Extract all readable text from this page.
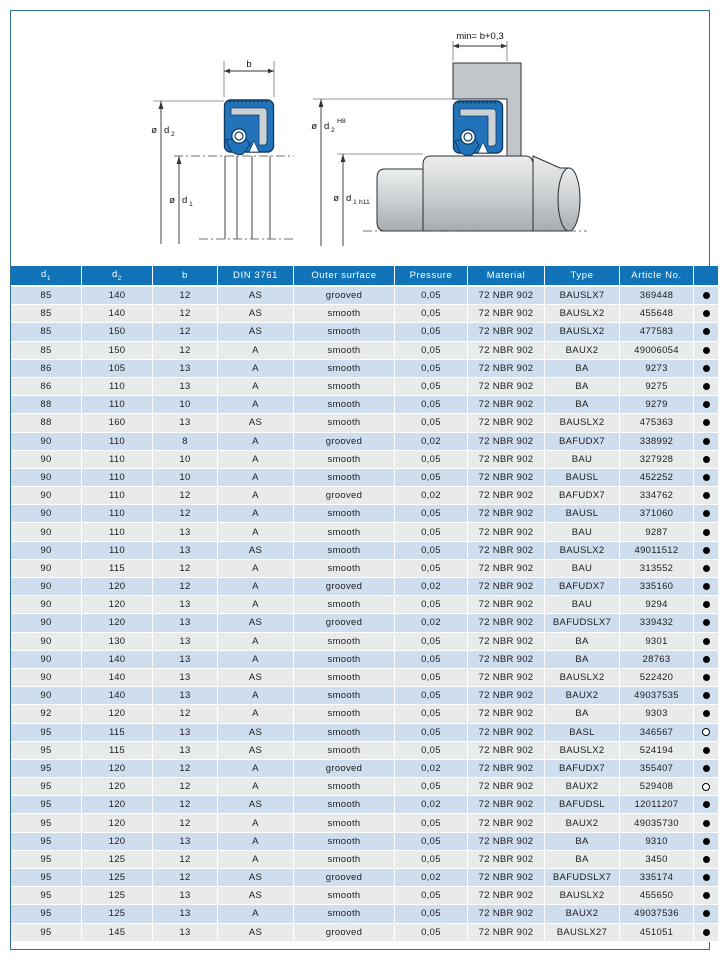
b
ø d 2
ø d 1
min= b+0,3
ø d 2
H8
ø d 1 h11
$d_1$	$d_2$	b	DIN 3761	Outer surface	Pressure	Material	Type	Article No.	
85	140	12	AS	grooved	0,05	72 NBR 902	BAUSLX7	369448	
85	140	12	AS	smooth	0,05	72 NBR 902	BAUSLX2	455648	
85	150	12	AS	smooth	0,05	72 NBR 902	BAUSLX2	477583	
85	150	12	A	smooth	0,05	72 NBR 902	BAUX2	49006054	
86	105	13	A	smooth	0,05	72 NBR 902	BA	9273	
86	110	13	A	smooth	0,05	72 NBR 902	BA	9275	
88	110	10	A	smooth	0,05	72 NBR 902	BA	9279	
88	160	13	AS	smooth	0,05	72 NBR 902	BAUSLX2	475363	
90	110	8	A	grooved	0,02	72 NBR 902	BAFUDX7	338992	
90	110	10	A	smooth	0,05	72 NBR 902	BAU	327928	
90	110	10	A	smooth	0,05	72 NBR 902	BAUSL	452252	
90	110	12	A	grooved	0,02	72 NBR 902	BAFUDX7	334762	
90	110	12	A	smooth	0,05	72 NBR 902	BAUSL	371060	
90	110	13	A	smooth	0,05	72 NBR 902	BAU	9287	
90	110	13	AS	smooth	0,05	72 NBR 902	BAUSLX2	49011512	
90	115	12	A	smooth	0,05	72 NBR 902	BAU	313552	
90	120	12	A	grooved	0,02	72 NBR 902	BAFUDX7	335160	
90	120	13	A	smooth	0,05	72 NBR 902	BAU	9294	
90	120	13	AS	grooved	0,02	72 NBR 902	BAFUDSLX7	339432	
90	130	13	A	smooth	0,05	72 NBR 902	BA	9301	
90	140	13	A	smooth	0,05	72 NBR 902	BA	28763	
90	140	13	AS	smooth	0,05	72 NBR 902	BAUSLX2	522420	
90	140	13	A	smooth	0,05	72 NBR 902	BAUX2	49037535	
92	120	12	A	smooth	0,05	72 NBR 902	BA	9303	
95	115	13	AS	smooth	0,05	72 NBR 902	BASL	346567	
95	115	13	AS	smooth	0,05	72 NBR 902	BAUSLX2	524194	
95	120	12	A	grooved	0,02	72 NBR 902	BAFUDX7	355407	
95	120	12	A	smooth	0,05	72 NBR 902	BAUX2	529408	
95	120	12	AS	smooth	0,02	72 NBR 902	BAFUDSL	12011207	
95	120	12	A	smooth	0,05	72 NBR 902	BAUX2	49035730	
95	120	13	A	smooth	0,05	72 NBR 902	BA	9310	
95	125	12	A	smooth	0,05	72 NBR 902	BA	3450	
95	125	12	AS	grooved	0,02	72 NBR 902	BAFUDSLX7	335174	
95	125	13	AS	smooth	0,05	72 NBR 902	BAUSLX2	455650	
95	125	13	A	smooth	0,05	72 NBR 902	BAUX2	49037536	
95	145	13	AS	grooved	0,05	72 NBR 902	BAUSLX27	451051	
